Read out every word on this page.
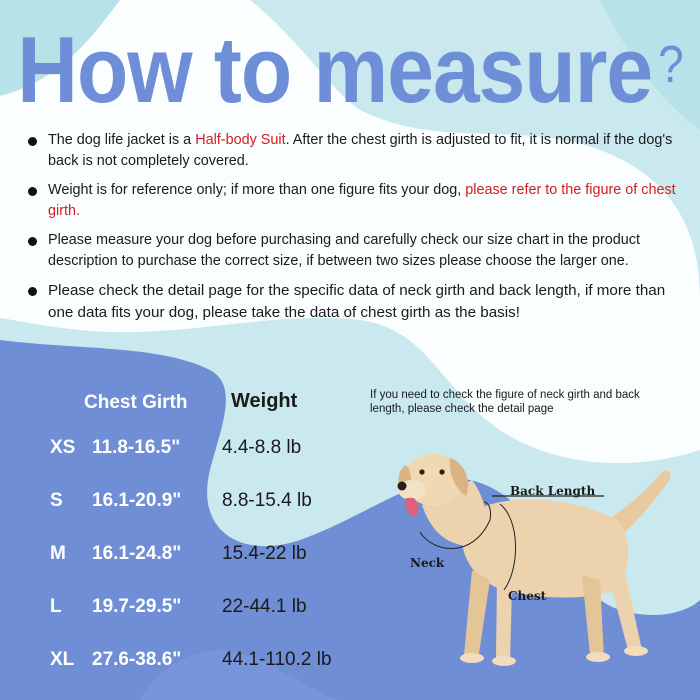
How to measure ?
The dog life jacket is a Half-body Suit. After the chest girth is adjusted to fit, it is normal if the dog's back is not completely covered.
Weight is for reference only; if more than one figure fits your dog, please refer to the figure of chest girth.
Please measure your dog before purchasing and carefully check our size chart in the product description to purchase the correct size, if between two sizes please choose the larger one.
Please check the detail page for the specific data of neck girth and back length, if more than one data fits your dog, please take the data of chest girth as the basis!
Chest Girth Weight
XS 11.8-16.5" 4.4-8.8 lb
S	16.1-20.9" 8.8-15.4 lb
M	16.1-24.8" 15.4-22 lb
L	19.7-29.5" 22-44.1 lb
XL 27.6-38.6" 44.1-110.2 lb
If you need to check the figure of neck girth and back length, please check the detail page
Back Length
Neck
Chest
